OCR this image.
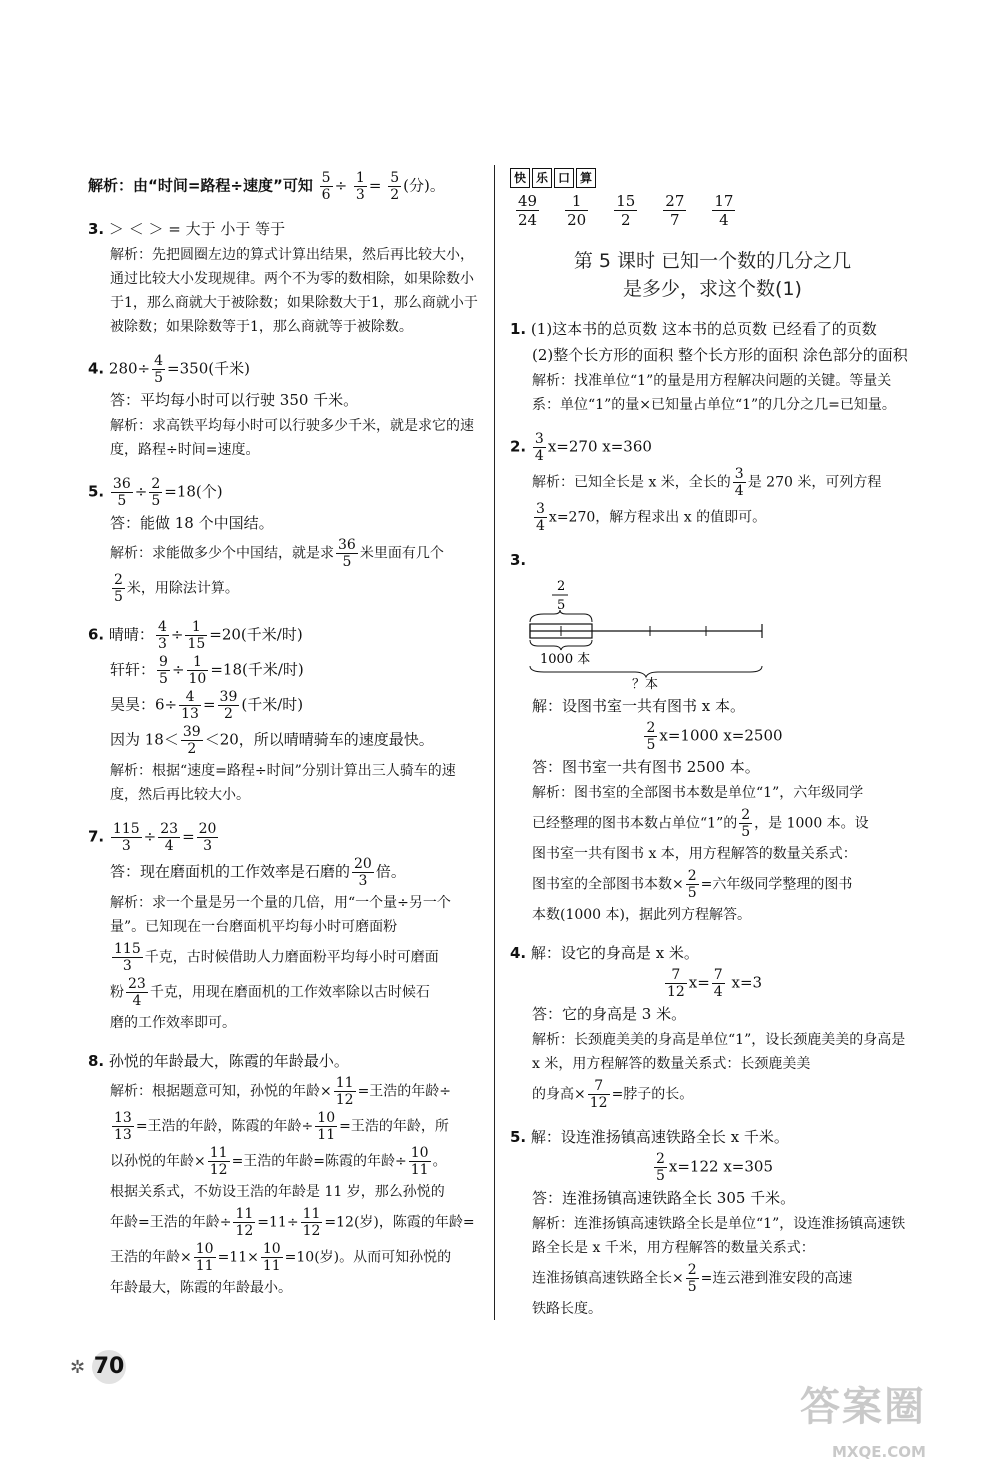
解析：由“时间=路程÷速度”可知 $\frac{5}{6} \div \frac{1}{3} = \frac{5}{2}$ (分)。
3. ＞ ＜ ＞ = 大于 小于 等于
解析：先把圆圈左边的算式计算出结果，然后再比较大小，通过比较大小发现规律。两个不为零的数相除，如果除数小于1，那么商就大于被除数；如果除数大于1，那么商就小于被除数；如果除数等于1，那么商就等于被除数。
4. $280\div \frac{4}{5} =350$(千米)
答：平均每小时可以行驶 350 千米。
解析：求高铁平均每小时可以行驶多少千米，就是求它的速度，路程÷时间=速度。
5. $\frac{36}{5} \div \frac{2}{5} =18$(个)
答：能做 18 个中国结。
解析：求能做多少个中国结，就是求 $\frac{36}{5}$ 米里面有几个
$\frac{2}{5}$ 米，用除法计算。
6. 晴晴： $\frac{4}{3} \div \frac{1}{15} =20$(千米/时)
轩轩： $\frac{9}{5} \div \frac{1}{10} =18$(千米/时)
昊昊：$6\div \frac{4}{13} = \frac{39}{2}$ (千米/时)
因为 $18< \frac{39}{2} <20$，所以晴晴骑车的速度最快。
解析：根据“速度=路程÷时间”分别计算出三人骑车的速度，然后再比较大小。
7. $\frac{115}{3} \div \frac{23}{4} = \frac{20}{3}$
答：现在磨面机的工作效率是石磨的 $\frac{20}{3}$ 倍。
解析：求一个量是另一个量的几倍，用“一个量÷另一个量”。已知现在一台磨面机平均每小时可磨面粉
$\frac{115}{3}$ 千克，古时候借助人力磨面粉平均每小时可磨面
粉 $\frac{23}{4}$ 千克，用现在磨面机的工作效率除以古时候石
磨的工作效率即可。
8. 孙悦的年龄最大，陈霞的年龄最小。
解析：根据题意可知，孙悦的年龄× $\frac{11}{12}$ =王浩的年龄÷
$\frac{13}{13}$ =王浩的年龄，陈霞的年龄÷ $\frac{10}{11}$ =王浩的年龄，所
以孙悦的年龄× $\frac{11}{12}$ =王浩的年龄=陈霞的年龄÷ $\frac{10}{11}$ 。
根据关系式，不妨设王浩的年龄是 11 岁，那么孙悦的
年龄=王浩的年龄÷ $\frac{11}{12} =11\div \frac{11}{12} =12$(岁)，陈霞的年龄=
王浩的年龄× $\frac{10}{11} =11\times \frac{10}{11} =10$(岁)。从而可知孙悦的
年龄最大，陈霞的年龄最小。
快 乐 口 算
$\frac{49}{24} \frac{1}{20} \frac{15}{2} \frac{27}{7} \frac{17}{4}$
第 5 课时 已知一个数的几分之几
是多少，求这个数(1)
1. (1)这本书的总页数 这本书的总页数 已经看了的页数
(2)整个长方形的面积 整个长方形的面积 涂色部分的面积
解析：找准单位“1”的量是用方程解决问题的关键。等量关系：单位“1”的量×已知量占单位“1”的几分之几=已知量。
2. $\frac{3}{4} x=270$ x=360
解析：已知全长是 x 米，全长的 $\frac{3}{4}$ 是 270 米，可列方程
$\frac{3}{4} x=270$，解方程求出 x 的值即可。
3.
2
5
1000 本
？本
解：设图书室一共有图书 x 本。
$\frac{2}{5} x=1000$ x=2500
答：图书室一共有图书 2500 本。
解析：图书室的全部图书本数是单位“1”，六年级同学
已经整理的图书本数占单位“1”的 $\frac{2}{5}$ ，是 1000 本。设
图书室一共有图书 x 本，用方程解答的数量关系式：
图书室的全部图书本数× $\frac{2}{5}$ =六年级同学整理的图书
本数(1000 本)，据此列方程解答。
4. 解：设它的身高是 x 米。
$\frac{7}{12} x= \frac{7}{4} x=3$
答：它的身高是 3 米。
解析：长颈鹿美美的身高是单位“1”，设长颈鹿美美的身高是 x 米，用方程解答的数量关系式：长颈鹿美美
的身高× $\frac{7}{12}$ =脖子的长。
5. 解：设连淮扬镇高速铁路全长 x 千米。
$\frac{2}{5} x=122$ x=305
答：连淮扬镇高速铁路全长 305 千米。
解析：连淮扬镇高速铁路全长是单位“1”，设连淮扬镇高速铁路全长是 x 千米，用方程解答的数量关系式：
连淮扬镇高速铁路全长× $\frac{2}{5}$ =连云港到淮安段的高速
铁路长度。
✲ 70
答案圈
MXQE.COM
